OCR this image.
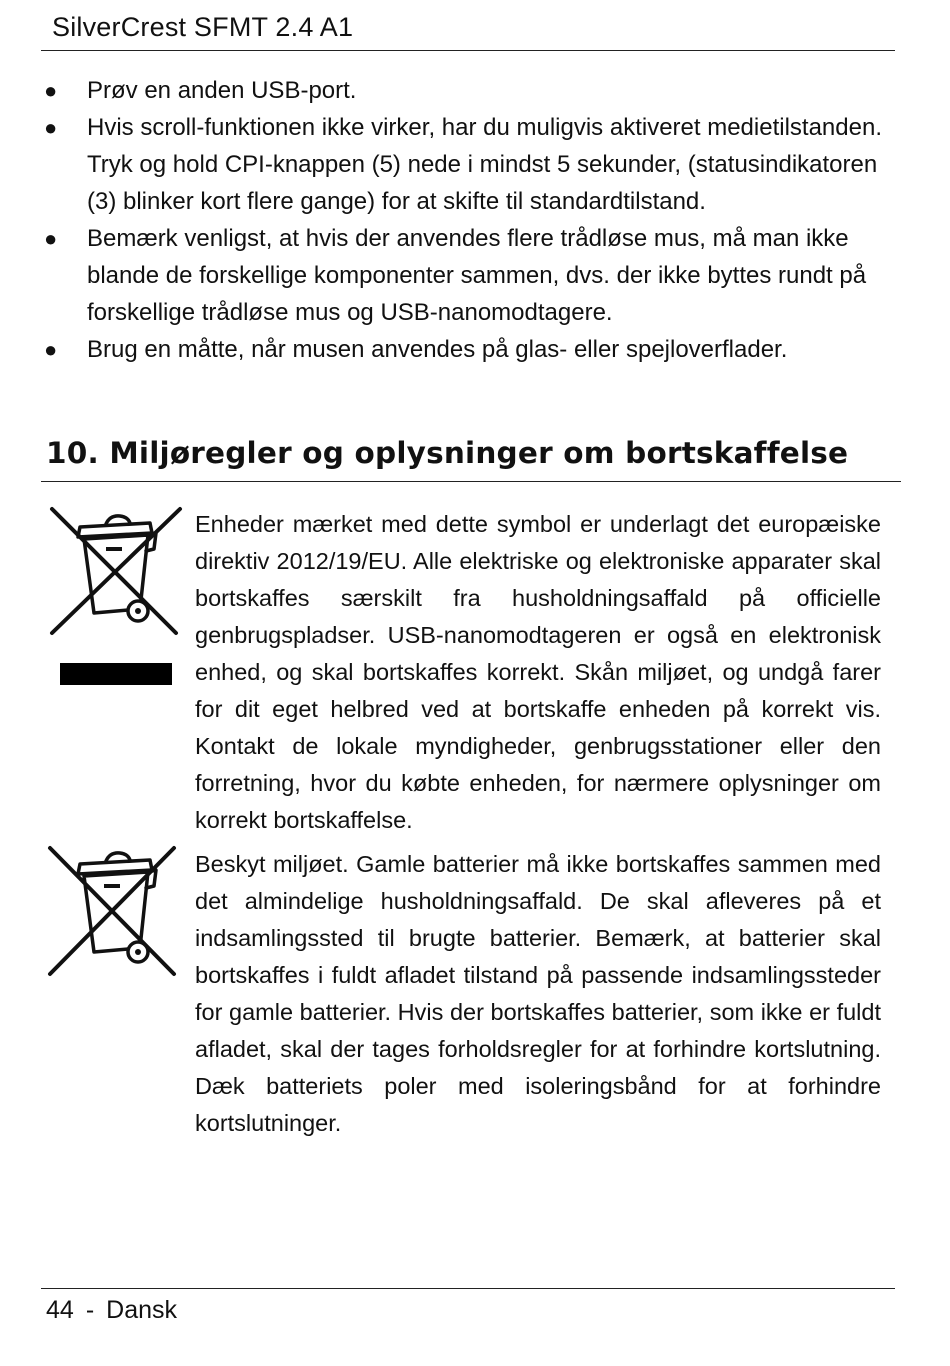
SilverCrest SFMT 2.4 A1
● Prøv en anden USB-port.
● Hvis scroll-funktionen ikke virker, har du muligvis aktiveret medietilstanden. Tryk og hold CPI-knappen (5) nede i mindst 5 sekunder, (statusindikatoren (3) blinker kort flere gange) for at skifte til standardtilstand.
● Bemærk venligst, at hvis der anvendes flere trådløse mus, må man ikke blande de forskellige komponenter sammen, dvs. der ikke byttes rundt på forskellige trådløse mus og USB-nanomodtagere.
● Brug en måtte, når musen anvendes på glas- eller spejloverflader.
10. Miljøregler og oplysninger om bortskaffelse

Enheder mærket med dette symbol er underlagt det europæiske direktiv 2012/19/EU. Alle elektriske og elektroniske apparater skal bortskaffes særskilt fra husholdningsaffald på officielle genbrugspladser. USB-nanomodtageren er også en elektronisk enhed, og skal bortskaffes korrekt. Skån miljøet, og undgå farer for dit eget helbred ved at bortskaffe enheden på korrekt vis. Kontakt de lokale myndigheder, genbrugsstationer eller den forretning, hvor du købte enheden, for nærmere oplysninger om korrekt bortskaffelse.

Beskyt miljøet. Gamle batterier må ikke bortskaffes sammen med det almindelige husholdningsaffald. De skal afleveres på et indsamlingssted til brugte batterier. Bemærk, at batterier skal bortskaffes i fuldt afladet tilstand på passende indsamlingssteder for gamle batterier. Hvis der bortskaffes batterier, som ikke er fuldt afladet, skal der tages forholdsregler for at forhindre kortslutning. Dæk batteriets poler med isoleringsbånd for at forhindre kortslutninger.

44 - Dansk
